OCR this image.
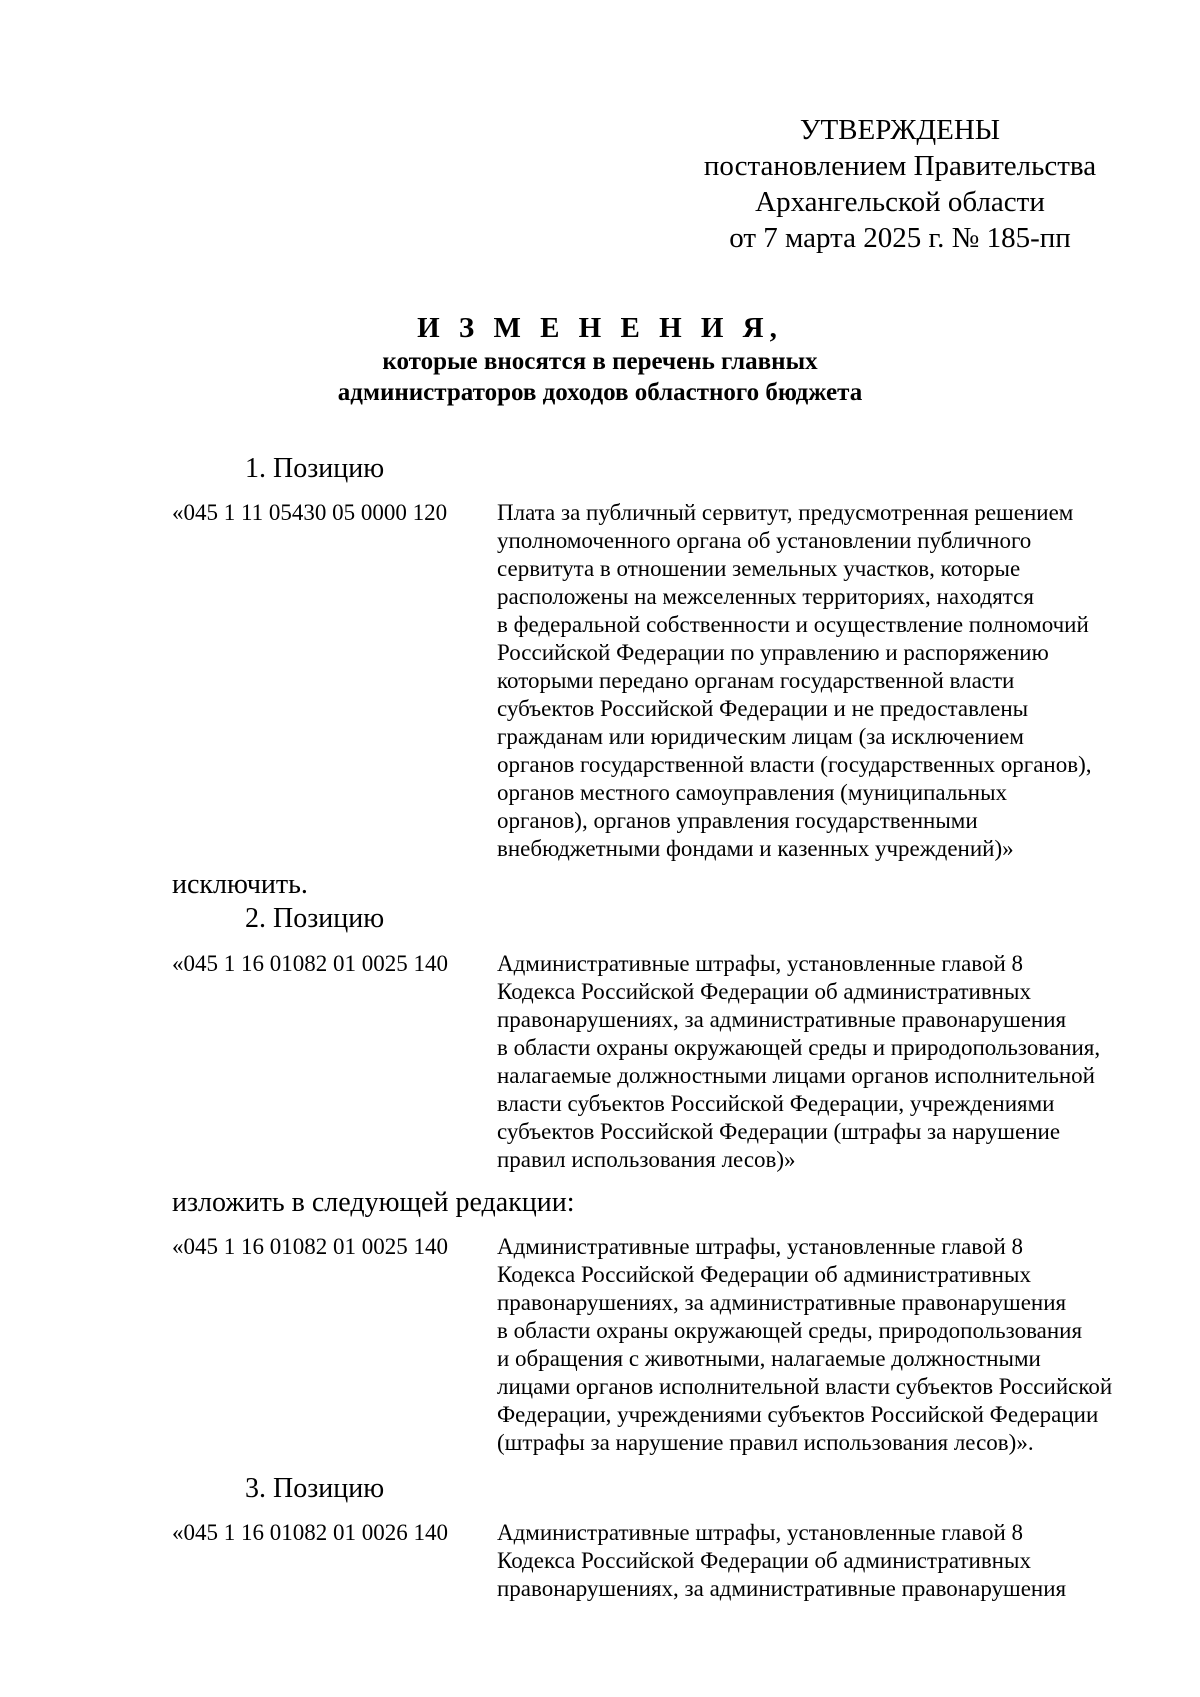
УТВЕРЖДЕНЫ
постановлением Правительства
Архангельской области
от 7 марта 2025 г. № 185-пп
И З М Е Н Е Н И Я,
которые вносятся в перечень главных
администраторов доходов областного бюджета
1. Позицию
«045 1 11 05430 05 0000 120 Плата за публичный сервитут, предусмотренная решением
уполномоченного органа об установлении публичного
сервитута в отношении земельных участков, которые
расположены на межселенных территориях, находятся
в федеральной собственности и осуществление полномочий
Российской Федерации по управлению и распоряжению
которыми передано органам государственной власти
субъектов Российской Федерации и не предоставлены
гражданам или юридическим лицам (за исключением
органов государственной власти (государственных органов),
органов местного самоуправления (муниципальных
органов), органов управления государственными
внебюджетными фондами и казенных учреждений)»
исключить.
2. Позицию
«045 1 16 01082 01 0025 140 Административные штрафы, установленные главой 8
Кодекса Российской Федерации об административных
правонарушениях, за административные правонарушения
в области охраны окружающей среды и природопользования,
налагаемые должностными лицами органов исполнительной
власти субъектов Российской Федерации, учреждениями
субъектов Российской Федерации (штрафы за нарушение
правил использования лесов)»
изложить в следующей редакции:
«045 1 16 01082 01 0025 140 Административные штрафы, установленные главой 8
Кодекса Российской Федерации об административных
правонарушениях, за административные правонарушения
в области охраны окружающей среды, природопользования
и обращения с животными, налагаемые должностными
лицами органов исполнительной власти субъектов Российской
Федерации, учреждениями субъектов Российской Федерации
(штрафы за нарушение правил использования лесов)».
3. Позицию
«045 1 16 01082 01 0026 140 Административные штрафы, установленные главой 8
Кодекса Российской Федерации об административных
правонарушениях, за административные правонарушения
